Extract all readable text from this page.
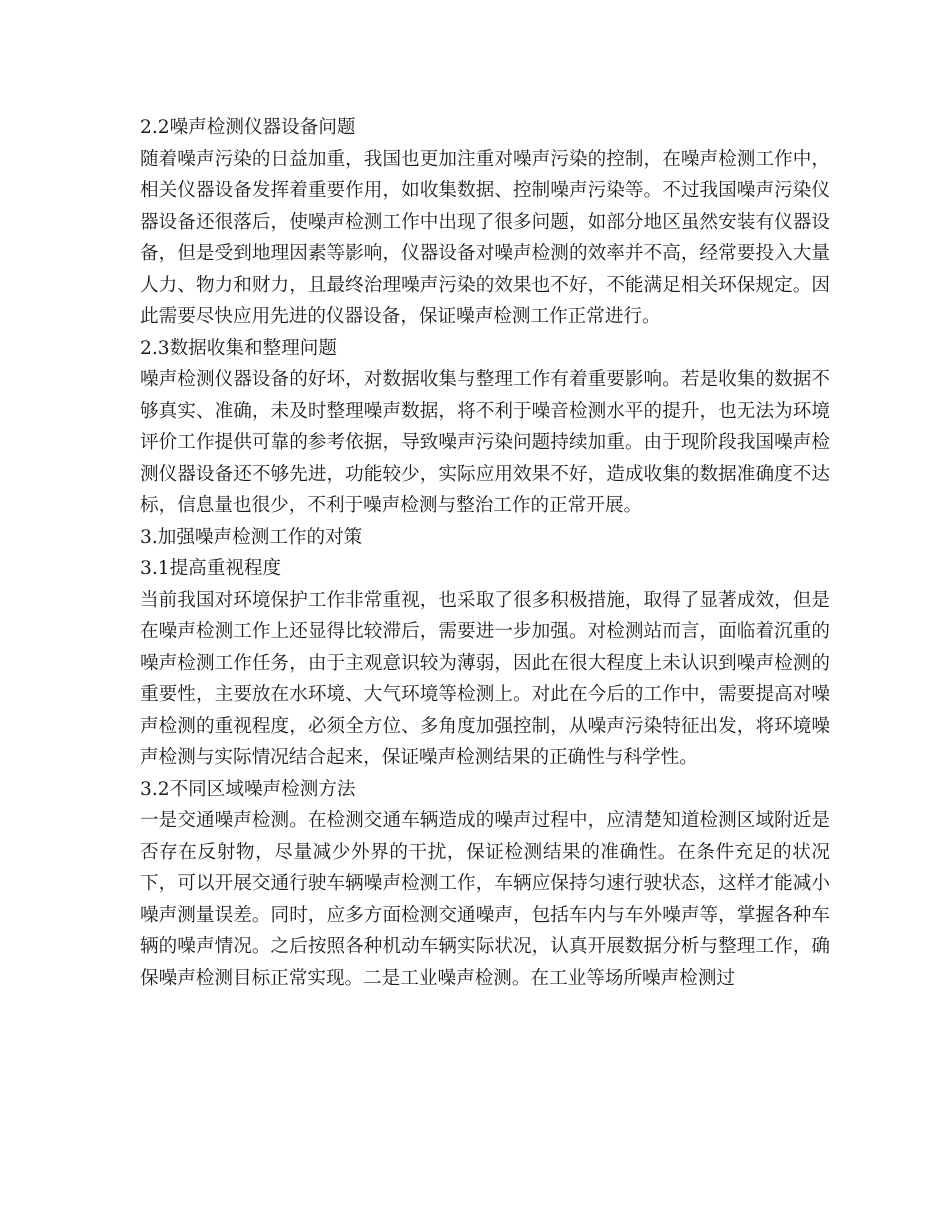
2.2噪声检测仪器设备问题

随着噪声污染的日益加重，我国也更加注重对噪声污染的控制，在噪声检测工作中，相关仪器设备发挥着重要作用，如收集数据、控制噪声污染等。不过我国噪声污染仪器设备还很落后，使噪声检测工作中出现了很多问题，如部分地区虽然安装有仪器设备，但是受到地理因素等影响，仪器设备对噪声检测的效率并不高，经常要投入大量人力、物力和财力，且最终治理噪声污染的效果也不好，不能满足相关环保规定。因此需要尽快应用先进的仪器设备，保证噪声检测工作正常进行。

2.3数据收集和整理问题

噪声检测仪器设备的好坏，对数据收集与整理工作有着重要影响。若是收集的数据不够真实、准确，未及时整理噪声数据，将不利于噪音检测水平的提升，也无法为环境评价工作提供可靠的参考依据，导致噪声污染问题持续加重。由于现阶段我国噪声检测仪器设备还不够先进，功能较少，实际应用效果不好，造成收集的数据准确度不达标，信息量也很少，不利于噪声检测与整治工作的正常开展。

3.加强噪声检测工作的对策

3.1提高重视程度

当前我国对环境保护工作非常重视，也采取了很多积极措施，取得了显著成效，但是在噪声检测工作上还显得比较滞后，需要进一步加强。对检测站而言，面临着沉重的噪声检测工作任务，由于主观意识较为薄弱，因此在很大程度上未认识到噪声检测的重要性，主要放在水环境、大气环境等检测上。对此在今后的工作中，需要提高对噪声检测的重视程度，必须全方位、多角度加强控制，从噪声污染特征出发，将环境噪声检测与实际情况结合起来，保证噪声检测结果的正确性与科学性。

3.2不同区域噪声检测方法

一是交通噪声检测。在检测交通车辆造成的噪声过程中，应清楚知道检测区域附近是否存在反射物，尽量减少外界的干扰，保证检测结果的准确性。在条件充足的状况下，可以开展交通行驶车辆噪声检测工作，车辆应保持匀速行驶状态，这样才能减小噪声测量误差。同时，应多方面检测交通噪声，包括车内与车外噪声等，掌握各种车辆的噪声情况。之后按照各种机动车辆实际状况，认真开展数据分析与整理工作，确保噪声检测目标正常实现。二是工业噪声检测。在工业等场所噪声检测过
